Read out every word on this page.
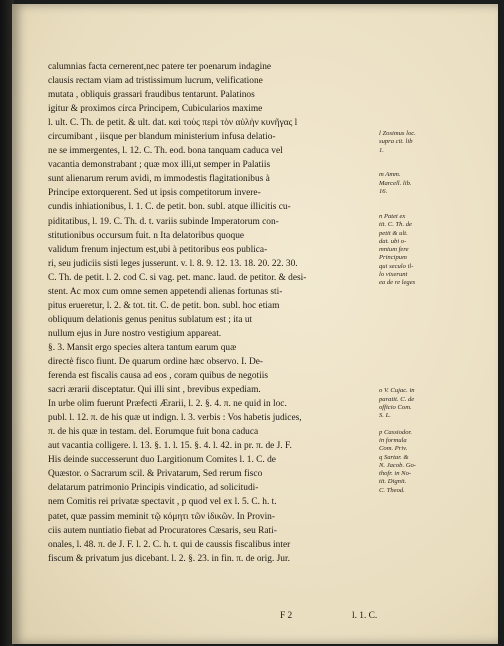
calumnias facta cernerent,nec patere ter poenarum indagine
clausis rectam viam ad tristissimum lucrum, velificatione
mutata , obliquis grassari fraudibus tentarunt. Palatinos
igitur & proximos circa Principem, Cubicularios maxime
l. ult. C. Th. de petit. & ult. dat. καὶ τοὺς περὶ τὸν αὐλὴν κυνῆγας l
circumibant , iisque per blandum ministerium infusa delatio-
ne se immergentes, l. 12. C. Th. eod. bona tanquam caduca vel
vacantia demonstrabant ; quæ mox illi,ut semper in Palatiis
sunt alienarum rerum avidi, m immodestis flagitationibus à
Principe extorquerent. Sed ut ipsis competitorum invere-
cundis inhiationibus, l. 1. C. de petit. bon. subl. atque illicitis cu-
piditatibus, l. 19. C. Th. d. t. variis subinde Imperatorum con-
stitutionibus occursum fuit. n Ita delatoribus quoque
validum frenum injectum est,ubi à petitoribus eos publica-
ri, seu judiciis sisti leges jusserunt. v. l. 8. 9. 12. 13. 18. 20. 22. 30.
C. Th. de petit. l. 2. cod C. si vag. pet. manc. laud. de petitor. & desi-
stent. Ac mox cum omne semen appetendi alienas fortunas sti-
pitus erueretur, l. 2. & tot. tit. C. de petit. bon. subl. hoc etiam
obliquum delationis genus penitus sublatum est ; ita ut
nullum ejus in Jure nostro vestigium appareat.
§. 3. Mansit ergo species altera tantum earum quæ
directè fisco fiunt. De quarum ordine hæc observo. I. De-
ferenda est fiscalis causa ad eos , coram quibus de negotiis
sacri ærarii disceptatur. Qui illi sint , brevibus expediam.
In urbe olim fuerunt Præfecti Ærarii, l. 2. §. 4. π. ne quid in loc.
publ. l. 12. π. de his quæ ut indign. l. 3. verbis : Vos habetis judices,
π. de his quæ in testam. del. Eorumque fuit bona caduca
aut vacantia colligere. l. 13. §. 1. l. 15. §. 4. l. 42. in pr. π. de J. F.
His deinde successerunt duo Largitionum Comites l. 1. C. de
Quæstor. o Sacrarum scil. & Privatarum, Sed rerum fisco
delatarum patrimonio Principis vindicatio, ad solicitudi-
nem Comitis rei privatæ spectavit , p quod vel ex l. 5. C. h. t.
patet, quæ passim meminit τῷ κόμητι τῶν ἰδικῶν. In Provin-
ciis autem nuntiatio fiebat ad Procuratores Cæsaris, seu Rati-
onales, l. 48. π. de J. F. l. 2. C. h. t. qui de caussis fiscalibus inter
fiscum & privatum jus dicebant. l. 2. §. 23. in fin. π. de orig. Jur.
l Zosimus loc.
supra cit. lib
1.
m Amm.
Marcell. lib.
16.
n Patet ex
tit. C. Th. de
petit & ult.
dat. ubi o-
mnium fere
Principum
qui seculo il-
lo vixerunt
ea de re leges
o V. Cujac. in
paratit. C. de
officio Com.
S. L.
p Cassiodor.
in formula
Com. Priv.
q Sartar. &
N. Jacob. Go-
thofr. in No-
tit. Dignit.
C. Theod.
F 2	l. 1. C.
